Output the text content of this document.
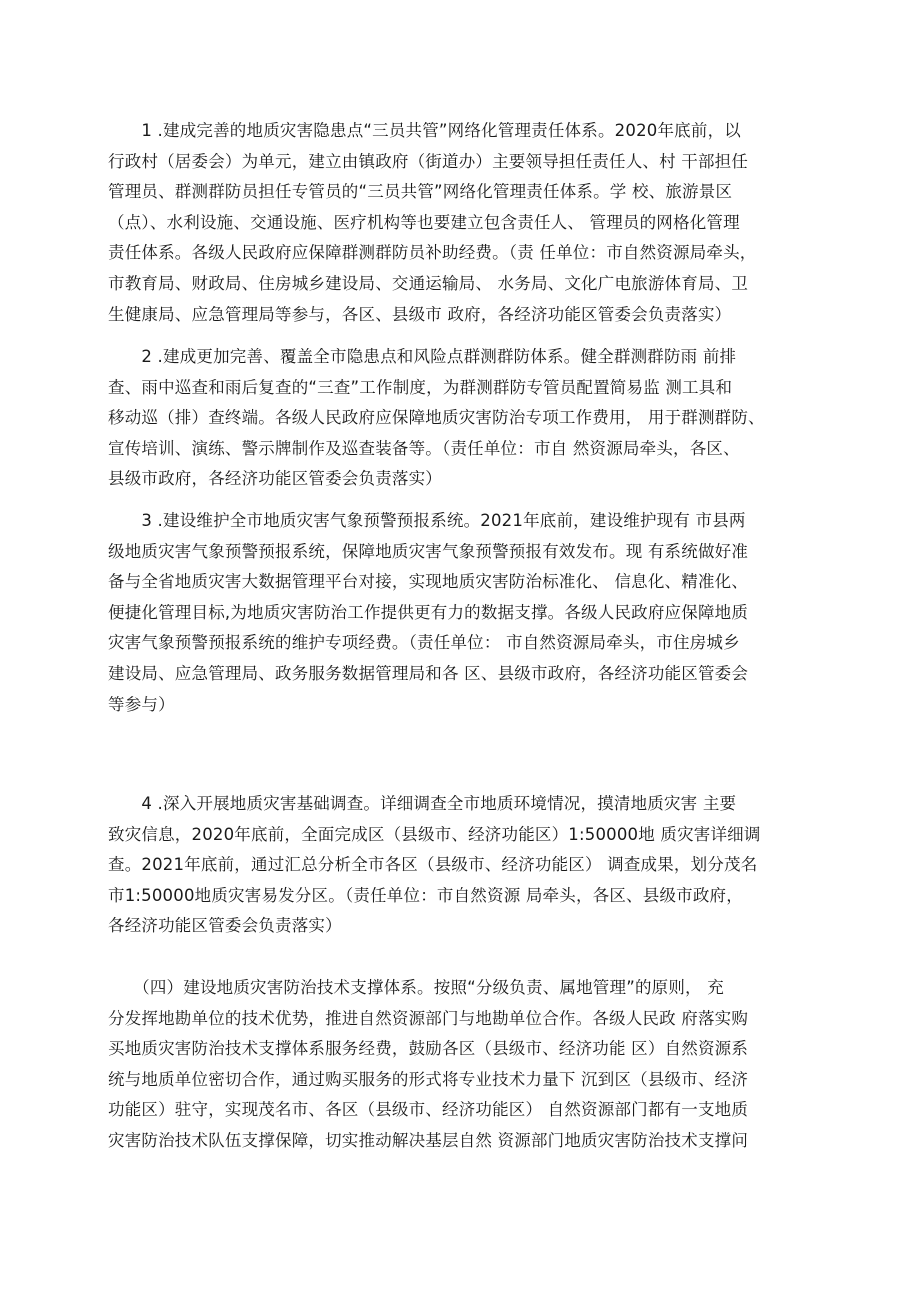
　　1 .建成完善的地质灾害隐患点“三员共管”网络化管理责任体系。2020年底前，以
行政村（居委会）为单元，建立由镇政府（街道办）主要领导担任责任人、村 干部担任
管理员、群测群防员担任专管员的“三员共管”网络化管理责任体系。学 校、旅游景区
（点）、水利设施、交通设施、医疗机构等也要建立包含责任人、 管理员的网格化管理
责任体系。各级人民政府应保障群测群防员补助经费。（责 任单位：市自然资源局牵头，
市教育局、财政局、住房城乡建设局、交通运输局、 水务局、文化广电旅游体育局、卫
生健康局、应急管理局等参与，各区、县级市 政府，各经济功能区管委会负责落实）
　　2 .建成更加完善、覆盖全市隐患点和风险点群测群防体系。健全群测群防雨 前排
查、雨中巡查和雨后复查的“三查”工作制度，为群测群防专管员配置简易监 测工具和
移动巡（排）查终端。各级人民政府应保障地质灾害防治专项工作费用， 用于群测群防、
宣传培训、演练、警示牌制作及巡查装备等。（责任单位：市自 然资源局牵头，各区、
县级市政府，各经济功能区管委会负责落实）
　　3 .建设维护全市地质灾害气象预警预报系统。2021年底前，建设维护现有 市县两
级地质灾害气象预警预报系统，保障地质灾害气象预警预报有效发布。现 有系统做好准
备与全省地质灾害大数据管理平台对接，实现地质灾害防治标准化、 信息化、精准化、
便捷化管理目标,为地质灾害防治工作提供更有力的数据支撑。各级人民政府应保障地质
灾害气象预警预报系统的维护专项经费。（责任单位： 市自然资源局牵头，市住房城乡
建设局、应急管理局、政务服务数据管理局和各 区、县级市政府，各经济功能区管委会
等参与）
　　4 .深入开展地质灾害基础调查。详细调查全市地质环境情况，摸清地质灾害 主要
致灾信息，2020年底前，全面完成区（县级市、经济功能区）1:50000地 质灾害详细调
查。2021年底前，通过汇总分析全市各区（县级市、经济功能区） 调查成果，划分茂名
市1:50000地质灾害易发分区。（责任单位：市自然资源 局牵头，各区、县级市政府，
各经济功能区管委会负责落实）
　　（四）建设地质灾害防治技术支撑体系。按照“分级负责、属地管理”的原则， 充
分发挥地勘单位的技术优势，推进自然资源部门与地勘单位合作。各级人民政 府落实购
买地质灾害防治技术支撑体系服务经费，鼓励各区（县级市、经济功能 区）自然资源系
统与地质单位密切合作，通过购买服务的形式将专业技术力量下 沉到区（县级市、经济
功能区）驻守，实现茂名市、各区（县级市、经济功能区） 自然资源部门都有一支地质
灾害防治技术队伍支撑保障，切实推动解决基层自然 资源部门地质灾害防治技术支撑问
